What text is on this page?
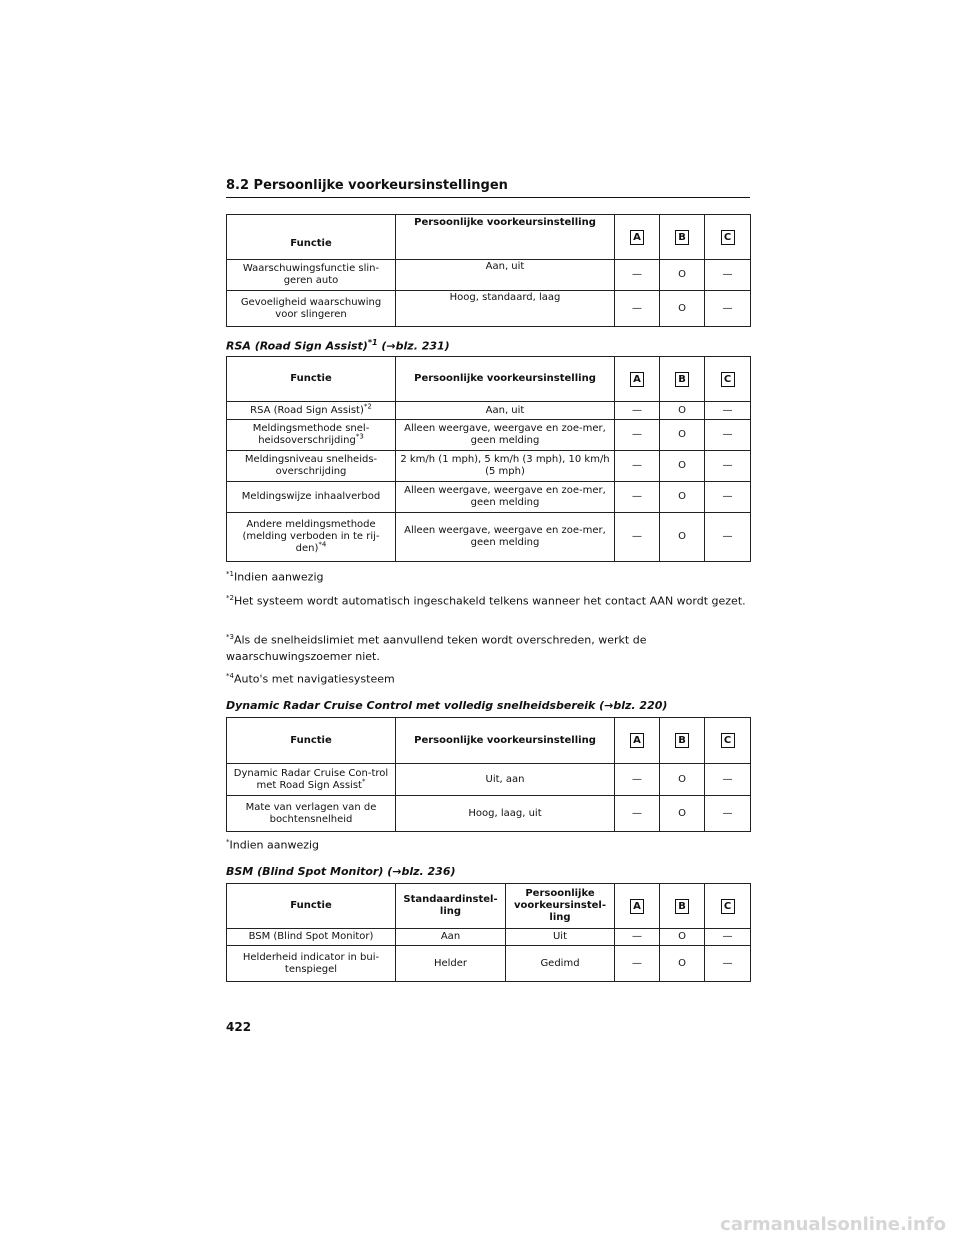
8.2 Persoonlijke voorkeursinstellingen
Functie	Persoonlijke voorkeursinstelling	A	B	C
Waarschuwingsfunctie slin-geren auto	Aan, uit	—	O	—
Gevoeligheid waarschuwing voor slingeren	Hoog, standaard, laag	—	O	—
RSA (Road Sign Assist)$^{*1}$ (→blz. 231)
Functie	Persoonlijke voorkeursinstelling	A	B	C
RSA (Road Sign Assist)$^{*2}$	Aan, uit	—	O	—
Meldingsmethode snel-heidsoverschrijding$^{*3}$	Alleen weergave, weergave en zoe-mer, geen melding	—	O	—
Meldingsniveau snelheids-overschrijding	2 km/h (1 mph), 5 km/h (3 mph), 10 km/h (5 mph)	—	O	—
Meldingswijze inhaalverbod	Alleen weergave, weergave en zoe-mer, geen melding	—	O	—
Andere meldingsmethode (melding verboden in te rij-den)$^{*4}$	Alleen weergave, weergave en zoe-mer, geen melding	—	O	—
$^{*1}$Indien aanwezig
$^{*2}$Het systeem wordt automatisch ingeschakeld telkens wanneer het contact AAN wordt gezet.
$^{*3}$Als de snelheidslimiet met aanvullend teken wordt overschreden, werkt de waarschuwingszoemer niet.
$^{*4}$Auto's met navigatiesysteem
Dynamic Radar Cruise Control met volledig snelheidsbereik (→blz. 220)
Functie	Persoonlijke voorkeursinstelling	A	B	C
Dynamic Radar Cruise Con-trol met Road Sign Assist*	Uit, aan	—	O	—
Mate van verlagen van de bochtensnelheid	Hoog, laag, uit	—	O	—
*Indien aanwezig
BSM (Blind Spot Monitor) (→blz. 236)
Functie	Standaardinstel-ling	Persoonlijke voorkeursinstel-ling	A	B	C
BSM (Blind Spot Monitor)	Aan	Uit	—	O	—
Helderheid indicator in bui-tenspiegel	Helder	Gedimd	—	O	—
422
carmanualsonline.info
